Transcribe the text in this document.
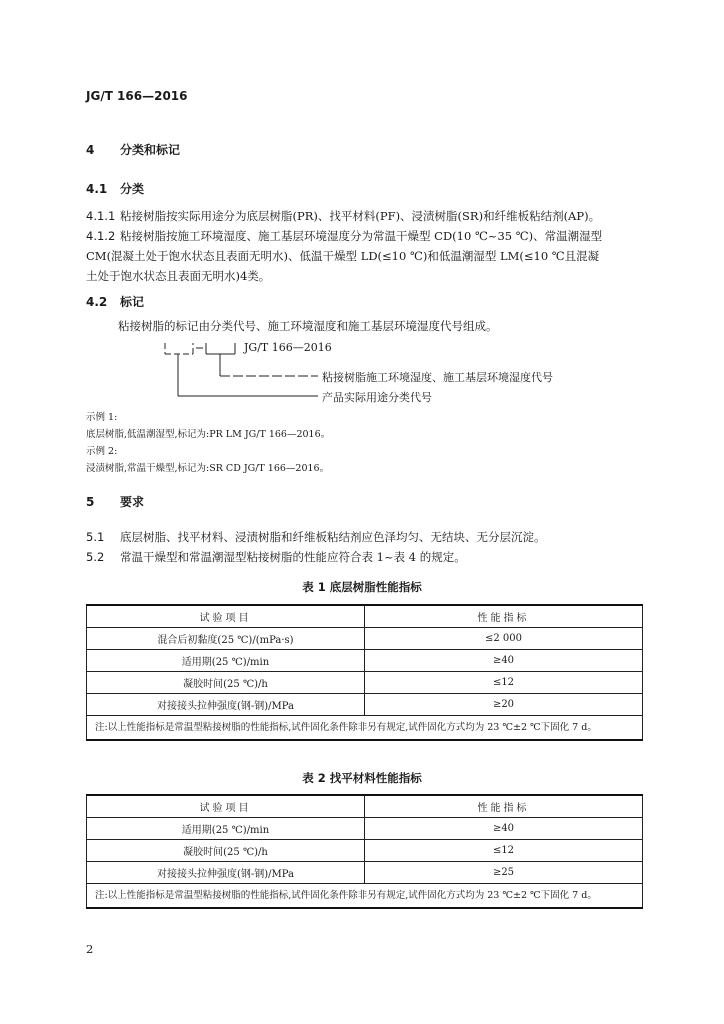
JG/T 166—2016
4 分类和标记
4.1 分类
4.1.1 粘接树脂按实际用途分为底层树脂(PR)、找平材料(PF)、浸渍树脂(SR)和纤维板粘结剂(AP)。
4.1.2 粘接树脂按施工环境湿度、施工基层环境湿度分为常温干燥型 CD(10 ℃~35 ℃)、常温潮湿型
CM(混凝土处于饱水状态且表面无明水)、低温干燥型 LD(≤10 ℃)和低温潮湿型 LM(≤10 ℃且混凝
土处于饱水状态且表面无明水)4类。
4.2 标记
粘接树脂的标记由分类代号、施工环境湿度和施工基层环境湿度代号组成。
JG/T 166—2016
粘接树脂施工环境湿度、施工基层环境湿度代号
产品实际用途分类代号
示例 1:
底层树脂,低温潮湿型,标记为:PR LM JG/T 166—2016。
示例 2:
浸渍树脂,常温干燥型,标记为:SR CD JG/T 166—2016。
5 要求
5.1 底层树脂、找平材料、浸渍树脂和纤维板粘结剂应色泽均匀、无结块、无分层沉淀。
5.2 常温干燥型和常温潮湿型粘接树脂的性能应符合表 1~表 4 的规定。
表 1 底层树脂性能指标
试验项目	性能指标
混合后初黏度(25 ℃)/(mPa·s)	≤2 000
适用期(25 ℃)/min	≥40
凝胶时间(25 ℃)/h	≤12
对接接头拉伸强度(钢-钢)/MPa	≥20
注:以上性能指标是常温型粘接树脂的性能指标,试件固化条件除非另有规定,试件固化方式均为 23 ℃±2 ℃下固化 7 d。	
表 2 找平材料性能指标
试验项目	性能指标
适用期(25 ℃)/min	≥40
凝胶时间(25 ℃)/h	≤12
对接接头拉伸强度(钢-钢)/MPa	≥25
注:以上性能指标是常温型粘接树脂的性能指标,试件固化条件除非另有规定,试件固化方式均为 23 ℃±2 ℃下固化 7 d。	
2
